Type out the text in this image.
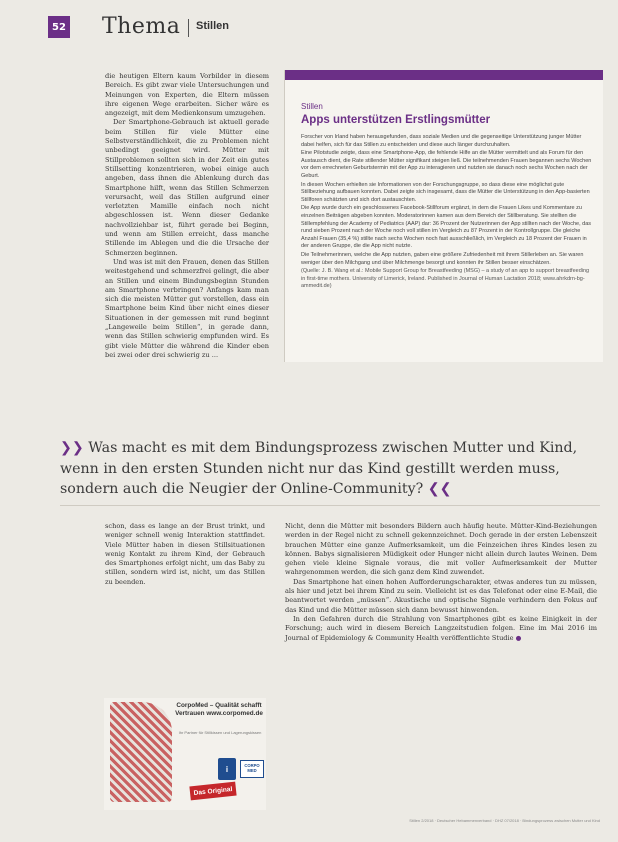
52 Thema Stillen

die heutigen Eltern kaum Vorbilder in diesem Bereich. Es gibt zwar viele Untersuchungen und Meinungen von Experten, die Eltern müssen ihre eigenen Wege erarbeiten. Sicher wäre es angezeigt, mit dem Medienkonsum umzugehen.

Der Smartphone-Gebrauch ist aktuell gerade beim Stillen für viele Mütter eine Selbstverständlichkeit, die zu Problemen nicht unbedingt geeignet wird. Mütter mit Stillproblemen sollten sich in der Zeit ein gutes Stillsetting konzentrieren, wobei einige auch angeben, dass ihnen die Ablenkung durch das Smartphone hilft, wenn das Stillen Schmerzen verursacht, weil das Stillen aufgrund einer verletzten Mamille einfach noch nicht abgeschlossen ist. Wenn dieser Gedanke nachvollziehbar ist, führt gerade bei Beginn, und wenn am Stillen erreicht, dass manche Stillende im Ablegen und die die Ursache der Schmerzen beginnen.

Und was ist mit den Frauen, denen das Stillen weitestgehend und schmerzfrei gelingt, die aber an Stillen und einem Bindungsbeginn Stunden am Smartphone verbringen? Anfangs kam man sich die meisten Mütter gut vorstellen, dass ein Smartphone beim Kind über nicht eines dieser Situationen in der gemessen mit rund beginnt „Langeweile beim Stillen“, in gerade dann, wenn das Stillen schwierig empfunden wird. Es gibt viele Mütter die während die Kinder eben bei zwei oder drei schwierig zu ...

Stillen
Apps unterstützen Erstlingsmütter

Forscher von Irland haben herausgefunden, dass soziale Medien und die gegenseitige Unterstützung junger Mütter dabei helfen, sich für das Stillen zu entscheiden und diese auch länger durchzuhalten.

Eine Pilotstudie zeigte, dass eine Smartphone-App, die fehlende Hilfe an die Mütter vermittelt und als Forum für den Austausch dient, die Rate stillender Mütter signifikant steigen ließ. Die teilnehmenden Frauen begannen sechs Wochen vor dem errechneten Geburtstermin mit der App zu interagieren und nutzten sie danach noch sechs Wochen nach der Geburt.

In diesen Wochen erhielten sie Informationen von der Forschungsgruppe, so dass diese eine möglichst gute Stillbeziehung aufbauen konnten. Dabei zeigte sich insgesamt, dass die Mütter die Unterstützung in den App-basierten Stillforen schätzten und sich dort austauschten.

Die App wurde durch ein geschlossenes Facebook-Stillforum ergänzt, in dem die Frauen Likes und Kommentare zu einzelnen Beiträgen abgeben konnten. Moderatorinnen kamen aus dem Bereich der Stillberatung. Sie stellten die Stillempfehlung der Academy of Pediatrics (AAP) dar: 36 Prozent der Nutzerinnen der App stillten nach der Woche, das rund sieben Prozent nach der Woche noch voll stillen im Vergleich zu 87 Prozent in der Kontrollgruppe. Die gleiche Anzahl Frauen (35,4 %) stillte nach sechs Wochen noch fast ausschließlich, im Vergleich zu 18 Prozent der Frauen in der anderen Gruppe, die die App nicht nutzte.

Die Teilnehmerinnen, welche die App nutzten, gaben eine größere Zufriedenheit mit ihrem Stillerleben an. Sie waren weniger über den Milchgang und über Milchmenge besorgt und konnten ihr Stillen besser einschätzen.

(Quelle: J. B. Wang et al.: Mobile Support Group for Breastfeeding (MSG) – a study of an app to support breastfeeding in first-time mothers. University of Limerick, Ireland. Published in Journal of Human Lactation 2018; www.ahrkdrn-bg-ammedit.de)

❯❯ Was macht es mit dem Bindungsprozess zwischen Mutter und Kind, wenn in den ersten Stunden nicht nur das Kind gestillt werden muss, sondern auch die Neugier der Online-Community? ❮❮
schon, dass es lange an der Brust trinkt, und weniger schnell wenig Interaktion stattfindet. Viele Mütter haben in diesen Stillsituationen wenig Kontakt zu ihrem Kind, der Gebrauch des Smartphones erfolgt nicht, um das Baby zu stillen, sondern wird ist, nicht, um das Stillen zu beenden.

Nicht, denn die Mütter mit besonders Bildern auch häufig heute. Mütter-Kind-Beziehungen werden in der Regel nicht zu schnell gekennzeichnet. Doch gerade in der ersten Lebenszeit brauchen Mütter eine ganze Aufmerksamkeit, um die Feinzeichen ihres Kindes lesen zu können. Babys signalisieren Müdigkeit oder Hunger nicht allein durch lautes Weinen. Dem gehen viele kleine Signale voraus, die mit voller Aufmerksamkeit der Mutter wahrgenommen werden, die sich ganz dem Kind zuwendet.

Das Smartphone hat einen hohen Aufforderungscharakter, etwas anderes tun zu müssen, als hier und jetzt bei ihrem Kind zu sein. Vielleicht ist es das Telefonat oder eine E-Mail, die beantwortet werden „müssen“. Akustische und optische Signale verhindern den Fokus auf das Kind und die Mütter müssen sich dann bewusst hinwenden.

In den Gefahren durch die Strahlung von Smartphones gibt es keine Einigkeit in der Forschung; auch wird in diesem Bereich Langzeitstudien folgen. Eine im Mai 2016 im Journal of Epidemiology & Community Health veröffentlichte Studie ●

CorpoMed – Qualität schafft Vertrauen www.corpomed.de
Ihr Partner für Stillkissen und Lagerungskissen
i	CORPO MED
Das Original
Stillen 2/2018 · Deutscher Hebammenverband · DHZ 07/2018 · Bindungsprozess zwischen Mutter und Kind
